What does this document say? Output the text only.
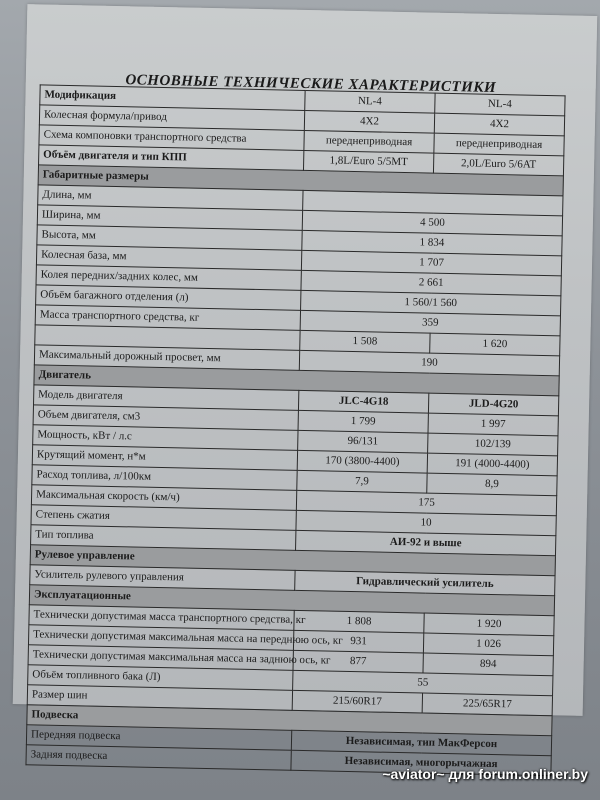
ОСНОВНЫЕ ТЕХНИЧЕСКИЕ ХАРАКТЕРИСТИКИ
Модификация	NL-4	NL-4
Колесная формула/привод	4X2	4X2
Схема компоновки транспортного средства	переднеприводная	переднеприводная
Объём двигателя и тип КПП	1,8L/Euro 5/5MT	2,0L/Euro 5/6AT
Габаритные размеры		
Длина, мм		
Ширина, мм	4 500	
Высота, мм	1 834	
Колесная база, мм	1 707	
Колея передних/задних колес, мм	2 661	
Объём багажного отделения (л)	1 560/1 560	
Масса транспортного средства, кг	359	
	1 508	1 620
Максимальный дорожный просвет, мм	190	
Двигатель		
Модель двигателя	JLC-4G18	JLD-4G20
Объем двигателя, см3	1 799	1 997
Мощность, кВт / л.с	96/131	102/139
Крутящий момент, н*м	170 (3800-4400)	191 (4000-4400)
Расход топлива, л/100км	7,9	8,9
Максимальная скорость (км/ч)	175	
Степень сжатия	10	
Тип топлива	АИ-92 и выше	
Рулевое управление		
Усилитель рулевого управления	Гидравлический усилитель	
Эксплуатационные		
Технически допустимая масса транспортного средства, кг	1 808	1 920
Технически допустимая максимальная масса на переднюю ось, кг	931	1 026
Технически допустимая максимальная масса на заднюю ось, кг	877	894
Объём топливного бака (Л)	55	
Размер шин	215/60R17	225/65R17
Подвеска		
Передняя подвеска	Независимая, тип МакФерсон	
Задняя подвеска	Независимая, многорычажная	
~aviator~ для forum.onliner.by
